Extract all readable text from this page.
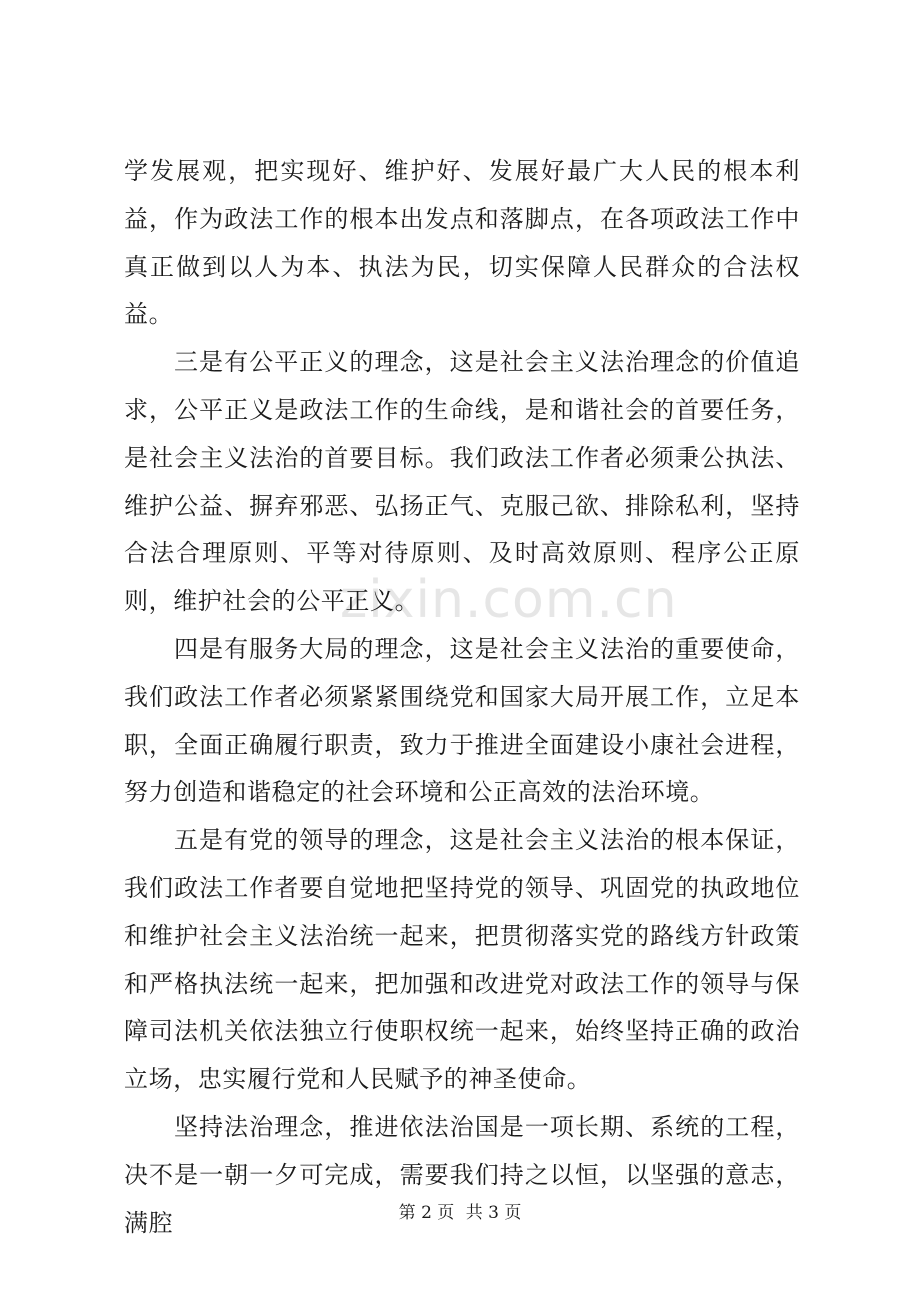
zixin.com.cn

学发展观，把实现好、维护好、发展好最广大人民的根本利益，作为政法工作的根本出发点和落脚点，在各项政法工作中真正做到以人为本、执法为民，切实保障人民群众的合法权益。

三是有公平正义的理念，这是社会主义法治理念的价值追求，公平正义是政法工作的生命线，是和谐社会的首要任务，是社会主义法治的首要目标。我们政法工作者必须秉公执法、维护公益、摒弃邪恶、弘扬正气、克服己欲、排除私利，坚持合法合理原则、平等对待原则、及时高效原则、程序公正原则，维护社会的公平正义。

四是有服务大局的理念，这是社会主义法治的重要使命，我们政法工作者必须紧紧围绕党和国家大局开展工作，立足本职，全面正确履行职责，致力于推进全面建设小康社会进程，努力创造和谐稳定的社会环境和公正高效的法治环境。

五是有党的领导的理念，这是社会主义法治的根本保证，我们政法工作者要自觉地把坚持党的领导、巩固党的执政地位和维护社会主义法治统一起来，把贯彻落实党的路线方针政策和严格执法统一起来，把加强和改进党对政法工作的领导与保障司法机关依法独立行使职权统一起来，始终坚持正确的政治立场，忠实履行党和人民赋予的神圣使命。

坚持法治理念，推进依法治国是一项长期、系统的工程，决不是一朝一夕可完成，需要我们持之以恒，以坚强的意志，满腔	第 2 页 共 3 页
